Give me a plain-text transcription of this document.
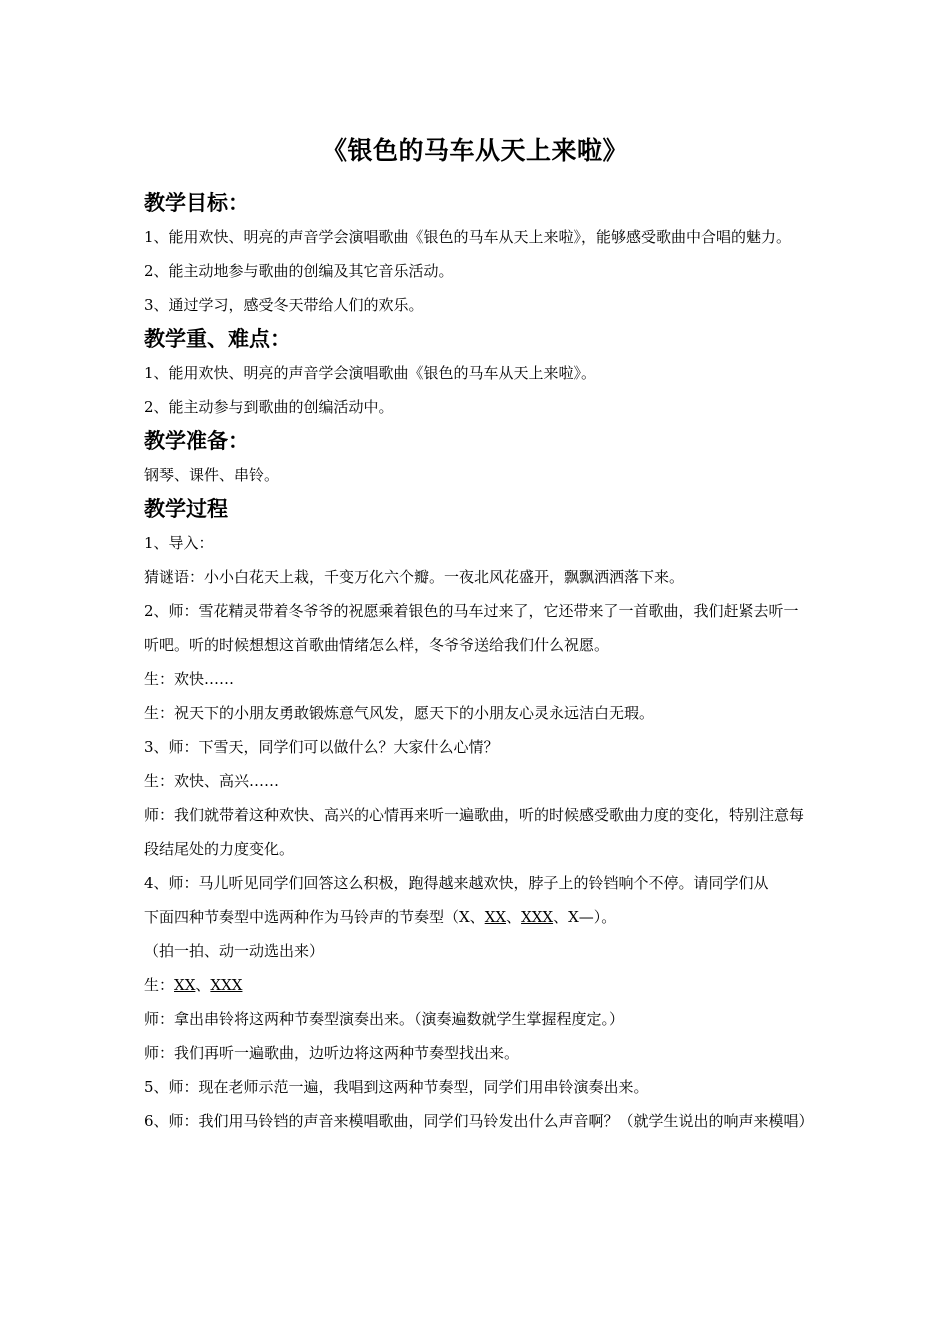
《银色的马车从天上来啦》
教学目标：
1、能用欢快、明亮的声音学会演唱歌曲《银色的马车从天上来啦》，能够感受歌曲中合唱的魅力。
2、能主动地参与歌曲的创编及其它音乐活动。
3、通过学习，感受冬天带给人们的欢乐。
教学重、难点：
1、能用欢快、明亮的声音学会演唱歌曲《银色的马车从天上来啦》。
2、能主动参与到歌曲的创编活动中。
教学准备：
钢琴、课件、串铃。
教学过程
1、导入：
猜谜语：小小白花天上栽，千变万化六个瓣。一夜北风花盛开，飘飘洒洒落下来。
2、师：雪花精灵带着冬爷爷的祝愿乘着银色的马车过来了，它还带来了一首歌曲，我们赶紧去听一听吧。听的时候想想这首歌曲情绪怎么样，冬爷爷送给我们什么祝愿。
生：欢快……
生：祝天下的小朋友勇敢锻炼意气风发，愿天下的小朋友心灵永远洁白无瑕。
3、师：下雪天，同学们可以做什么？大家什么心情？
生：欢快、高兴……
师：我们就带着这种欢快、高兴的心情再来听一遍歌曲，听的时候感受歌曲力度的变化，特别注意每段结尾处的力度变化。
4、师：马儿听见同学们回答这么积极，跑得越来越欢快，脖子上的铃铛响个不停。请同学们从
下面四种节奏型中选两种作为马铃声的节奏型（X、XX、XXX、X—）。
（拍一拍、动一动选出来）
生：XX、XXX
师：拿出串铃将这两种节奏型演奏出来。（演奏遍数就学生掌握程度定。）
师：我们再听一遍歌曲，边听边将这两种节奏型找出来。
5、师：现在老师示范一遍，我唱到这两种节奏型，同学们用串铃演奏出来。
6、师：我们用马铃铛的声音来模唱歌曲，同学们马铃发出什么声音啊？（就学生说出的响声来模唱）
